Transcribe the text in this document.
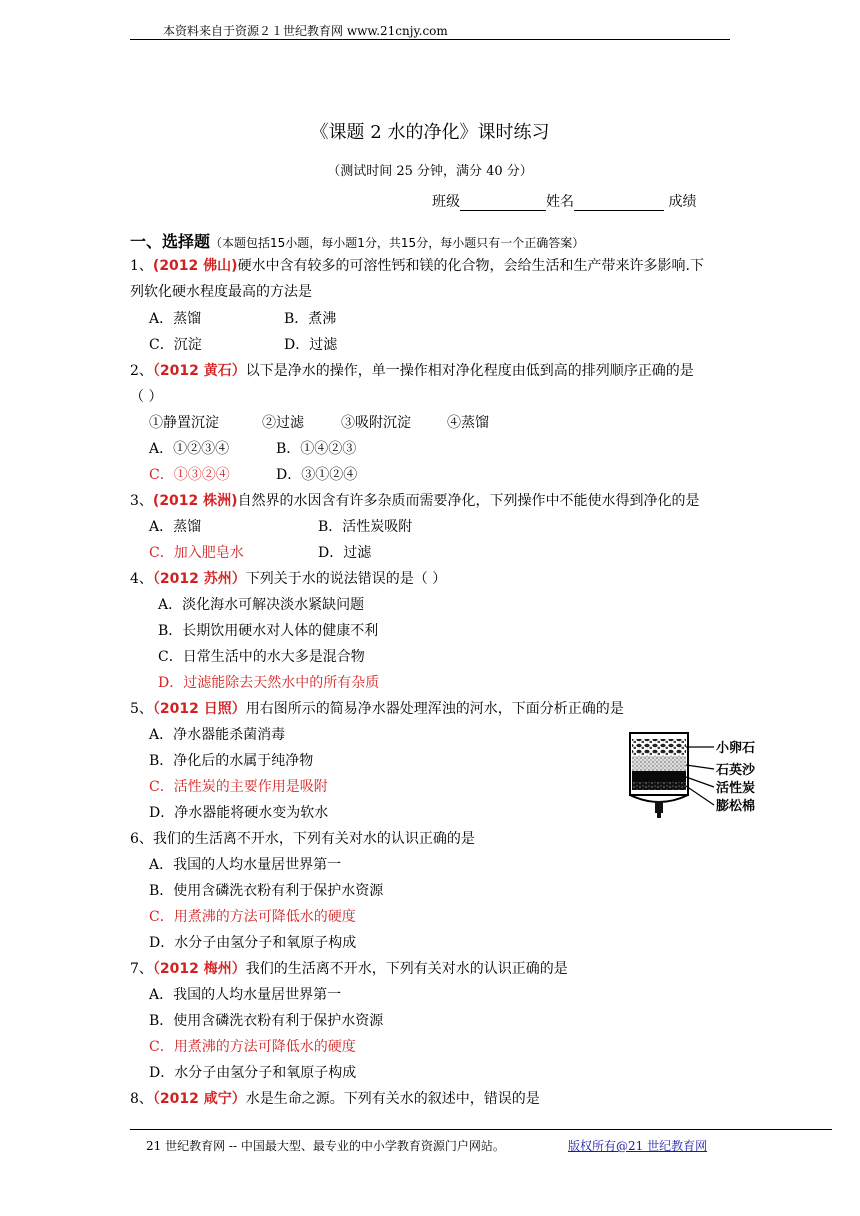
本资料来自于资源２１世纪教育网 www.21cnjy.com
《课题 2 水的净化》课时练习
（测试时间 25 分钟，满分 40 分）
班级	姓名	成绩
一、选择题（本题包括15小题，每小题1分，共15分，每小题只有一个正确答案）
1、(2012 佛山)硬水中含有较多的可溶性钙和镁的化合物，会给生活和生产带来许多影响.下
列软化硬水程度最高的方法是
A．蒸馏	B．煮沸
C．沉淀	D．过滤
2、（2012 黄石）以下是净水的操作，单一操作相对净化程度由低到高的排列顺序正确的是
（ ）
①静置沉淀	②过滤	③吸附沉淀	④蒸馏
A．①②③④	B．①④②③
C．①③②④	D．③①②④
3、(2012 株洲)自然界的水因含有许多杂质而需要净化，下列操作中不能使水得到净化的是
A．蒸馏	B．活性炭吸附
C．加入肥皂水	D．过滤
4、（2012 苏州）下列关于水的说法错误的是（ ）
A．淡化海水可解决淡水紧缺问题
B．长期饮用硬水对人体的健康不利
C．日常生活中的水大多是混合物
D．过滤能除去天然水中的所有杂质
5、（2012 日照）用右图所示的简易净水器处理浑浊的河水，下面分析正确的是
A．净水器能杀菌消毒
B．净化后的水属于纯净物
C．活性炭的主要作用是吸附
D．净水器能将硬水变为软水
小卵石
石英沙
活性炭
膨松棉
6、我们的生活离不开水，下列有关对水的认识正确的是
A．我国的人均水量居世界第一
B．使用含磷洗衣粉有利于保护水资源
C．用煮沸的方法可降低水的硬度
D．水分子由氢分子和氧原子构成
7、（2012 梅州）我们的生活离不开水，下列有关对水的认识正确的是
A．我国的人均水量居世界第一
B．使用含磷洗衣粉有利于保护水资源
C．用煮沸的方法可降低水的硬度
D．水分子由氢分子和氧原子构成
8、（2012 咸宁）水是生命之源。下列有关水的叙述中，错误的是
21 世纪教育网 -- 中国最大型、最专业的中小学教育资源门户网站。	版权所有@21 世纪教育网
